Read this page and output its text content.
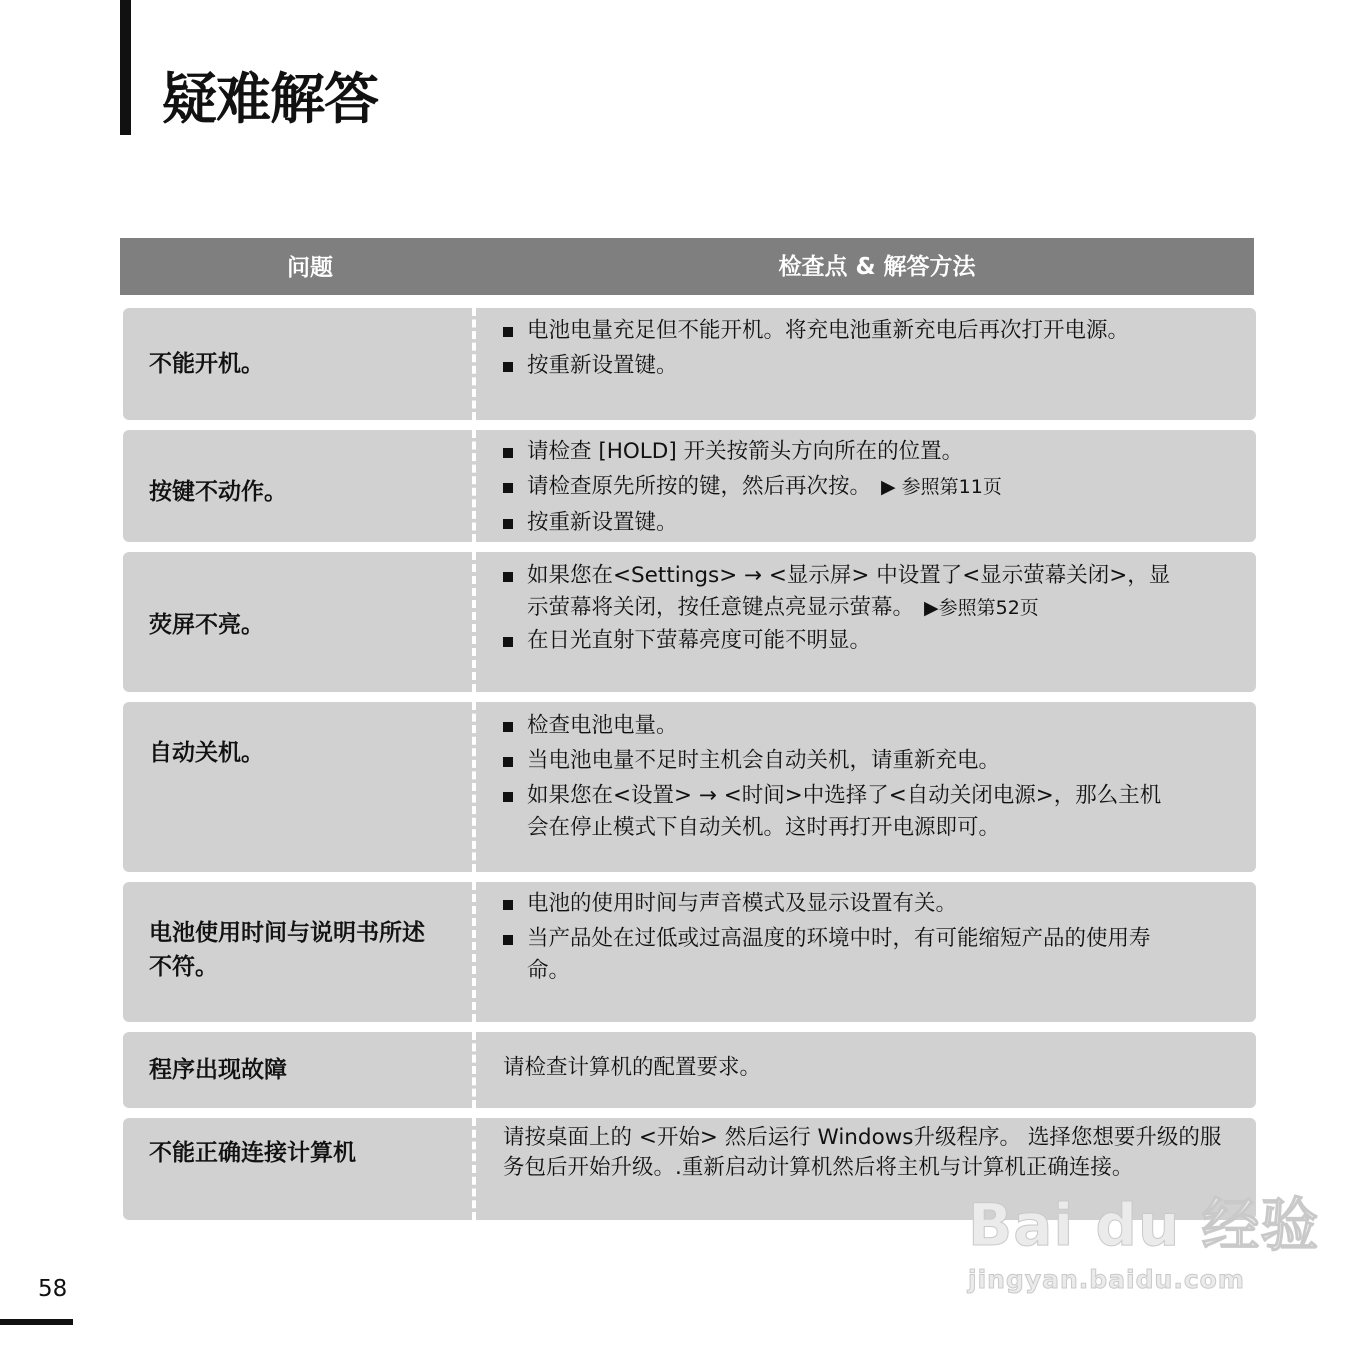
疑难解答
问题	检查点 & 解答方法
不能开机。
电池电量充足但不能开机。将充电池重新充电后再次打开电源。
按重新设置键。
按键不动作。
请检查 [HOLD] 开关按箭头方向所在的位置。
请检查原先所按的键，然后再次按。 ▶ 参照第11页
按重新设置键。
荧屏不亮。
如果您在<Settings> → <显示屏> 中设置了<显示萤幕关闭>，显
示萤幕将关闭，按任意键点亮显示萤幕。 ▶参照第52页
在日光直射下萤幕亮度可能不明显。
自动关机。
检查电池电量。
当电池电量不足时主机会自动关机，请重新充电。
如果您在<设置> → <时间>中选择了<自动关闭电源>，那么主机
会在停止模式下自动关机。这时再打开电源即可。
电池使用时间与说明书所述不符。
电池的使用时间与声音模式及显示设置有关。
当产品处在过低或过高温度的环境中时，有可能缩短产品的使用寿
命。
程序出现故障	请检查计算机的配置要求。
不能正确连接计算机
请按桌面上的 <开始> 然后运行 Windows升级程序。 选择您想要升级的服务包后开始升级。.重新启动计算机然后将主机与计算机正确连接。
Bai du 经验
jingyan.baidu.com
58
